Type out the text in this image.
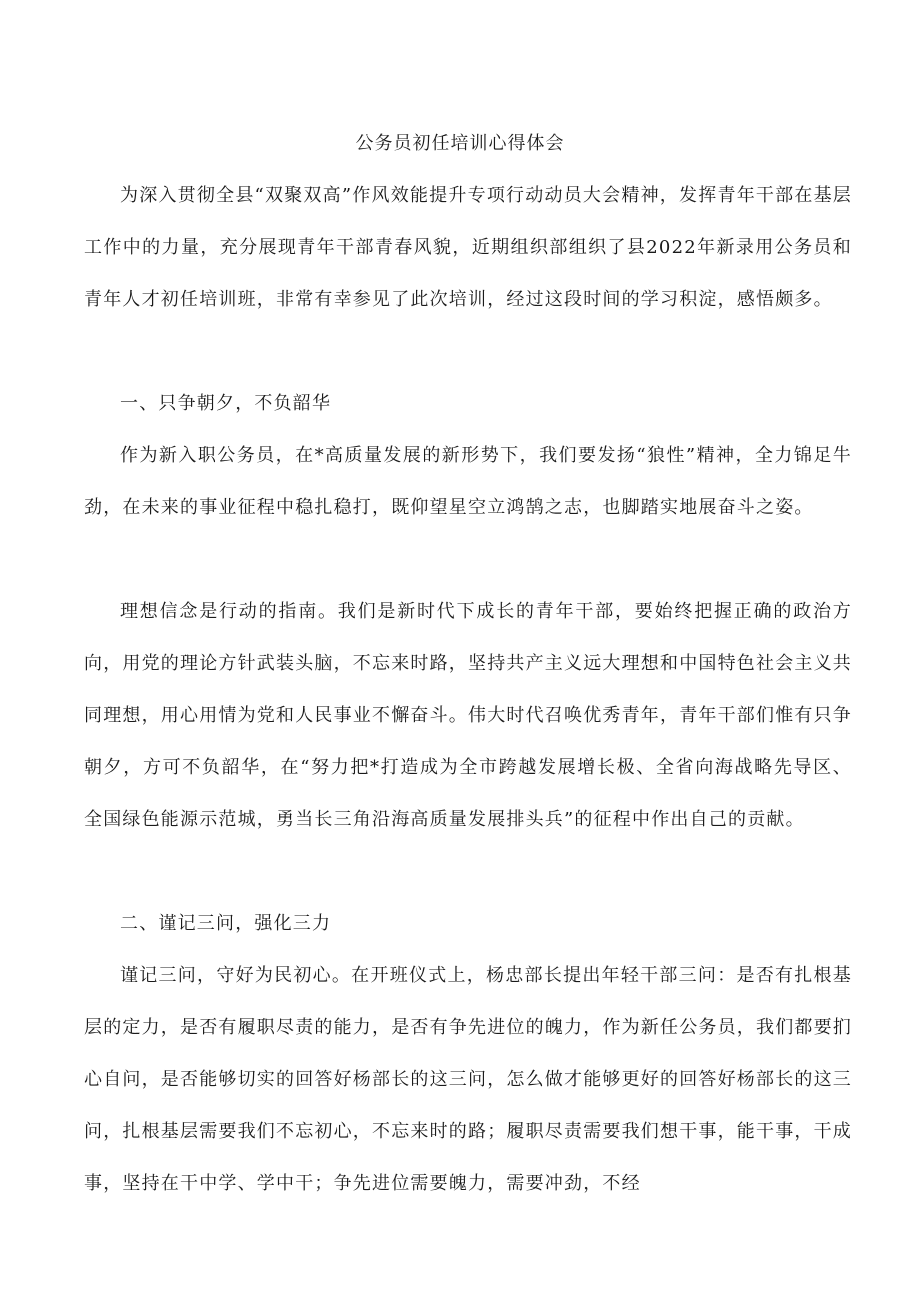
公务员初任培训心得体会

为深入贯彻全县“双聚双高”作风效能提升专项行动动员大会精神，发挥青年干部在基层工作中的力量，充分展现青年干部青春风貌，近期组织部组织了县2022年新录用公务员和青年人才初任培训班，非常有幸参见了此次培训，经过这段时间的学习积淀，感悟颇多。

一、只争朝夕，不负韶华

作为新入职公务员，在*高质量发展的新形势下，我们要发扬“狼性”精神，全力锦足牛劲，在未来的事业征程中稳扎稳打，既仰望星空立鸿鹄之志，也脚踏实地展奋斗之姿。

理想信念是行动的指南。我们是新时代下成长的青年干部，要始终把握正确的政治方向，用党的理论方针武装头脑，不忘来时路，坚持共产主义远大理想和中国特色社会主义共同理想，用心用情为党和人民事业不懈奋斗。伟大时代召唤优秀青年，青年干部们惟有只争朝夕，方可不负韶华，在“努力把*打造成为全市跨越发展增长极、全省向海战略先导区、全国绿色能源示范城，勇当长三角沿海高质量发展排头兵”的征程中作出自己的贡献。

二、谨记三问，强化三力

谨记三问，守好为民初心。在开班仪式上，杨忠部长提出年轻干部三问：是否有扎根基层的定力，是否有履职尽责的能力，是否有争先进位的魄力，作为新任公务员，我们都要扪心自问，是否能够切实的回答好杨部长的这三问，怎么做才能够更好的回答好杨部长的这三问，扎根基层需要我们不忘初心，不忘来时的路；履职尽责需要我们想干事，能干事，干成事，坚持在干中学、学中干；争先进位需要魄力，需要冲劲，不经
